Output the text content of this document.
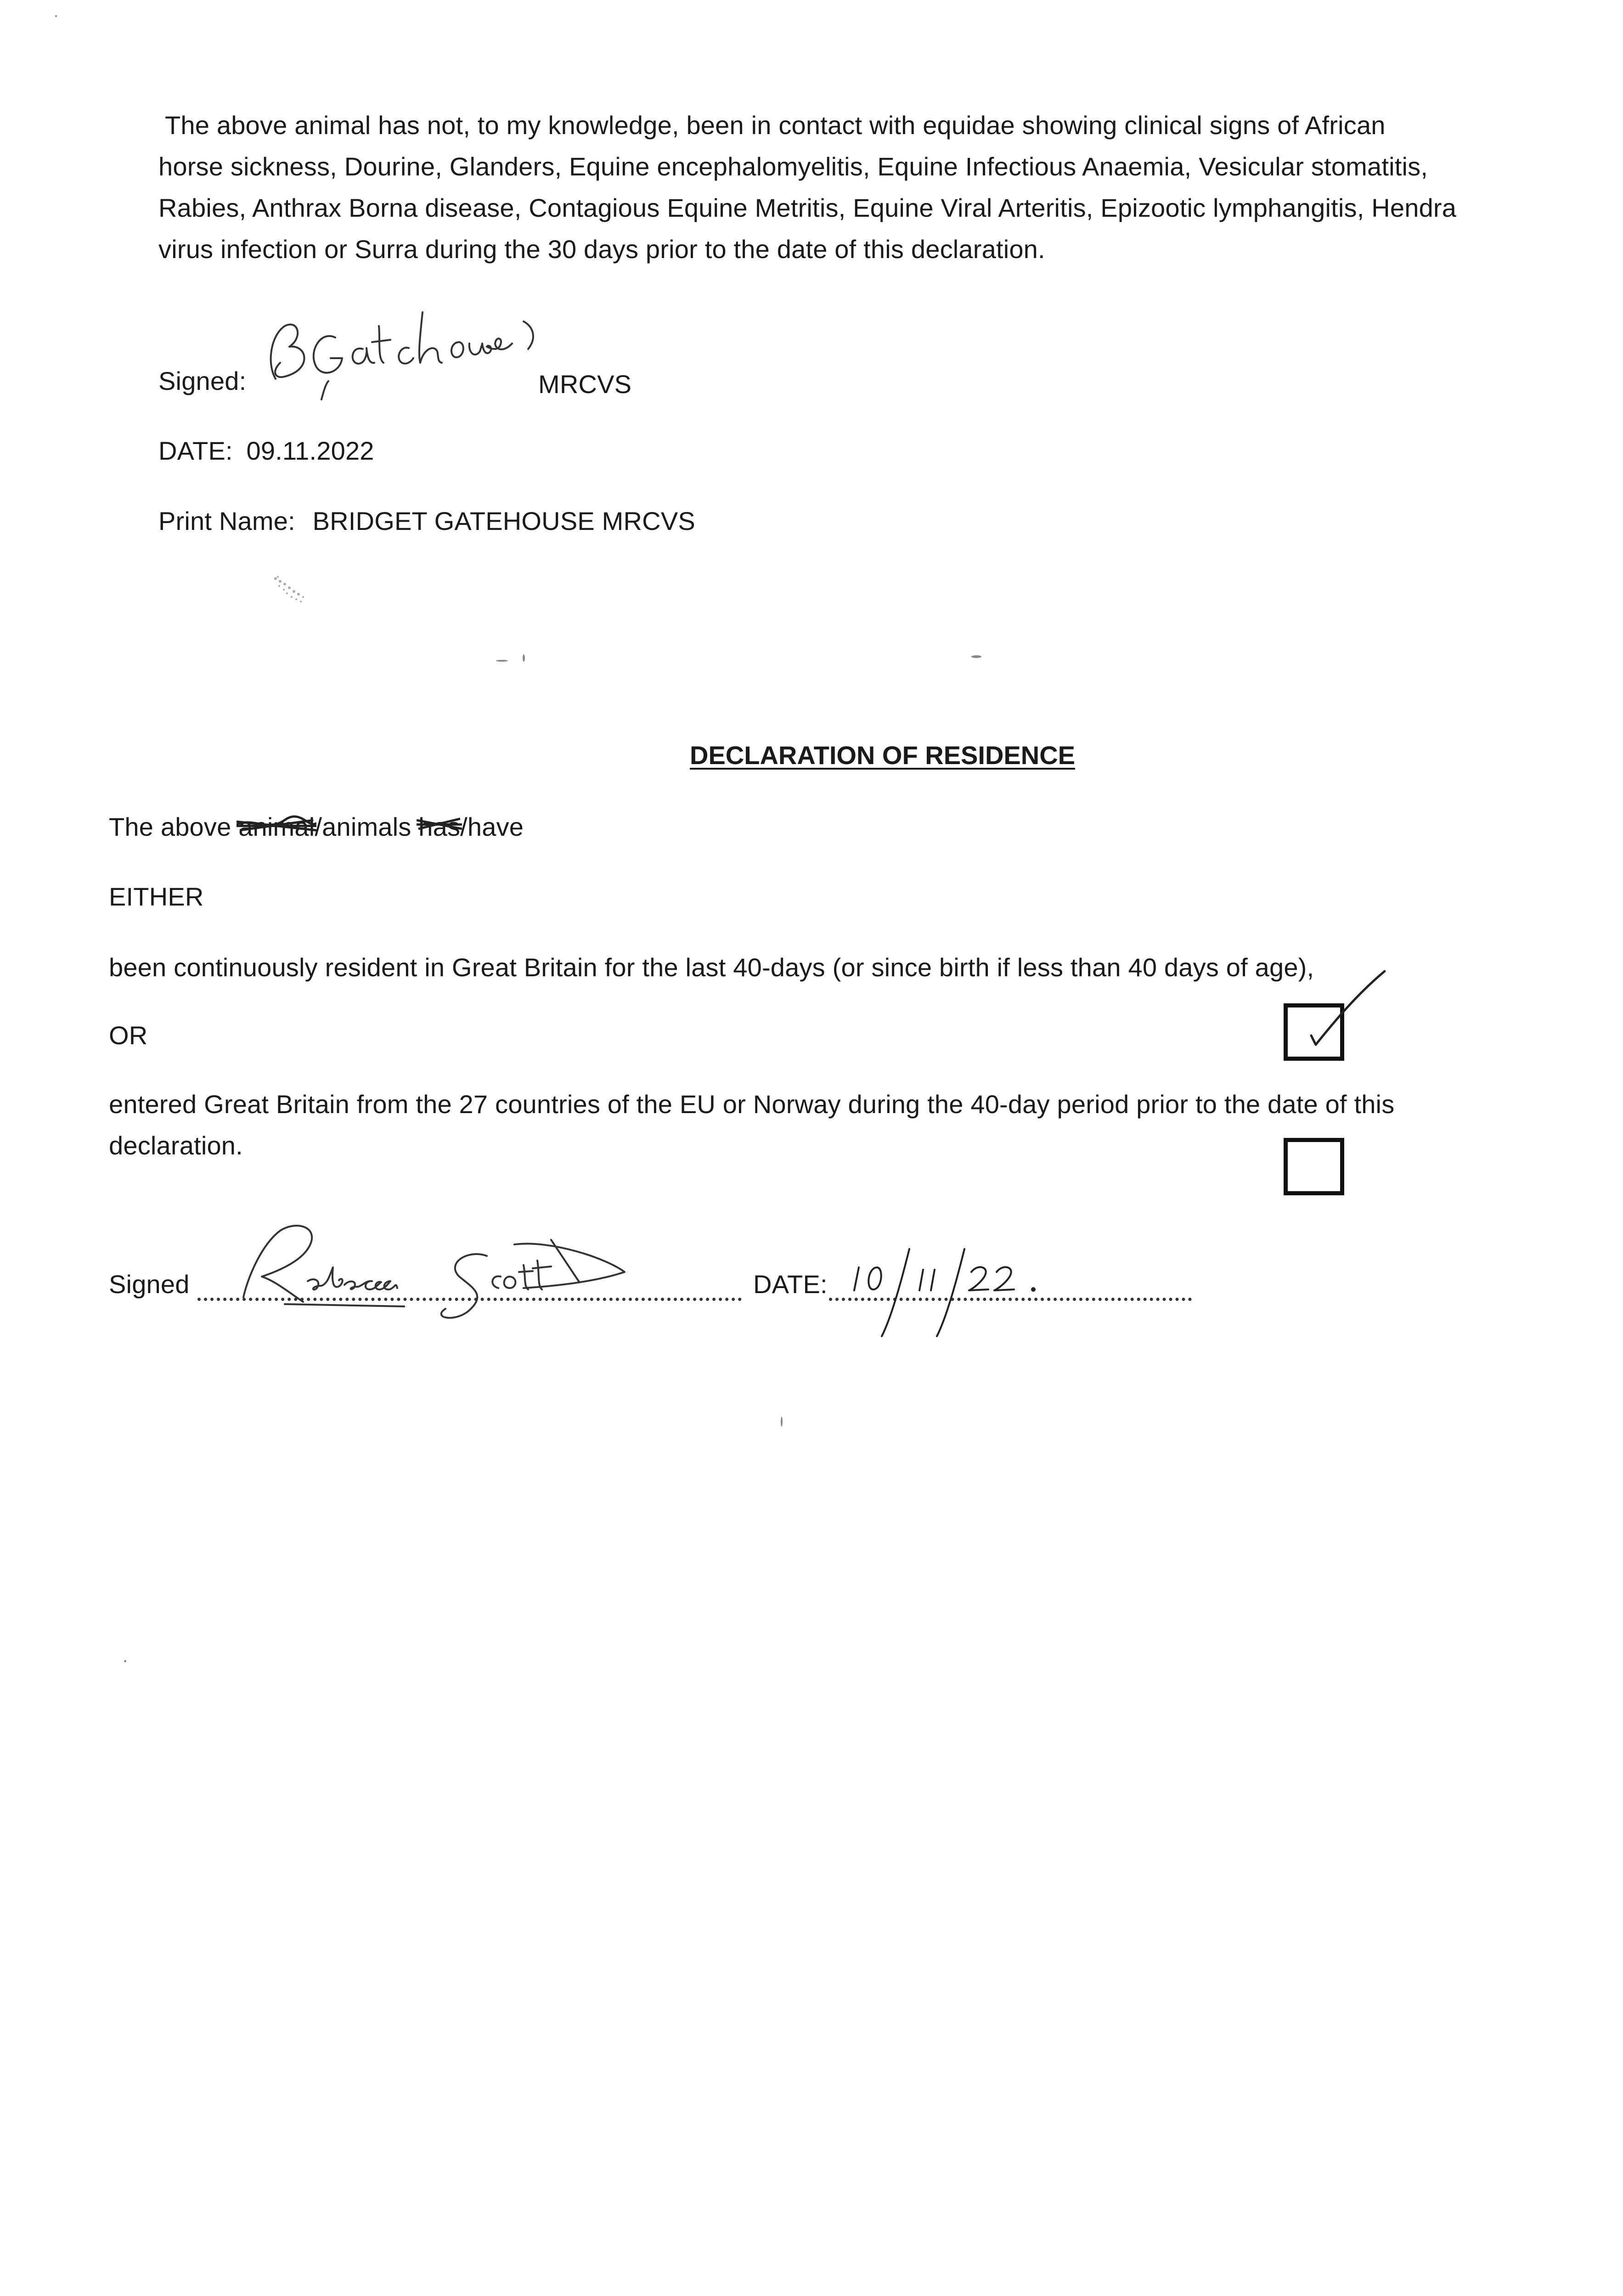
The above animal has not, to my knowledge, been in contact with equidae showing clinical signs of African
horse sickness, Dourine, Glanders, Equine encephalomyelitis, Equine Infectious Anaemia, Vesicular stomatitis,
Rabies, Anthrax Borna disease, Contagious Equine Metritis, Equine Viral Arteritis, Epizootic lymphangitis, Hendra
virus infection or Surra during the 30 days prior to the date of this declaration.
Signed:	MRCVS
DATE: 09.11.2022
Print Name: BRIDGET GATEHOUSE MRCVS
DECLARATION OF RESIDENCE
The above animal
/animals has
/have
EITHER
been continuously resident in Great Britain for the last 40-days (or since birth if less than 40 days of age),
OR
entered Great Britain from the 27 countries of the EU or Norway during the 40-day period prior to the date of this
declaration.
Signed	DATE:
